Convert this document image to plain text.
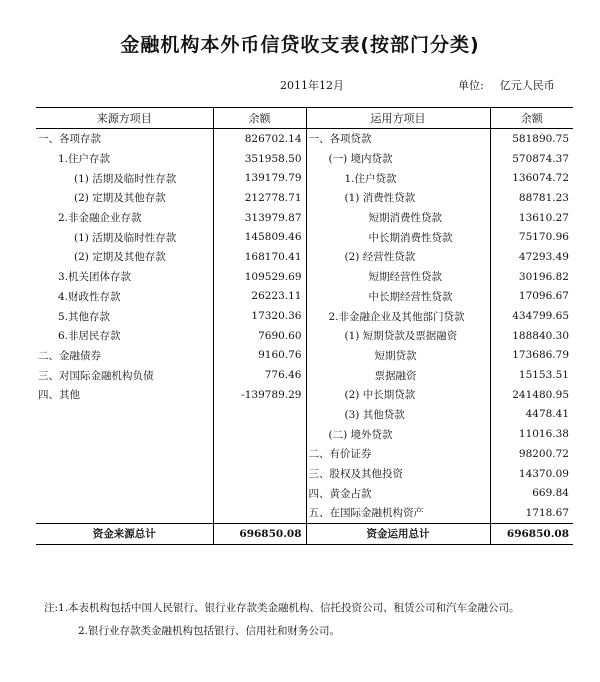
金融机构本外币信贷收支表(按部门分类)
2011年12月	单位: 亿元人民币
来源方项目	余额	运用方项目	余额
一、各项存款	826702.14	一、各项贷款	581890.75
1.住户存款	351958.50	(一) 境内贷款	570874.37
(1) 活期及临时性存款	139179.79	1.住户贷款	136074.72
(2) 定期及其他存款	212778.71	(1) 消费性贷款	88781.23
2.非金融企业存款	313979.87	短期消费性贷款	13610.27
(1) 活期及临时性存款	145809.46	中长期消费性贷款	75170.96
(2) 定期及其他存款	168170.41	(2) 经营性贷款	47293.49
3.机关团体存款	109529.69	短期经营性贷款	30196.82
4.财政性存款	26223.11	中长期经营性贷款	17096.67
5.其他存款	17320.36	2.非金融企业及其他部门贷款	434799.65
6.非居民存款	7690.60	(1) 短期贷款及票据融资	188840.30
二、金融债券	9160.76	短期贷款	173686.79
三、对国际金融机构负债	776.46	票据融资	15153.51
四、其他	-139789.29	(2) 中长期贷款	241480.95
		(3) 其他贷款	4478.41
		(二) 境外贷款	11016.38
		二、有价证券	98200.72
		三、股权及其他投资	14370.09
		四、黄金占款	669.84
		五、在国际金融机构资产	1718.67
资金来源总计	696850.08	资金运用总计	696850.08

注:1.本表机构包括中国人民银行、银行业存款类金融机构、信托投资公司、租赁公司和汽车金融公司。

2.银行业存款类金融机构包括银行、信用社和财务公司。
